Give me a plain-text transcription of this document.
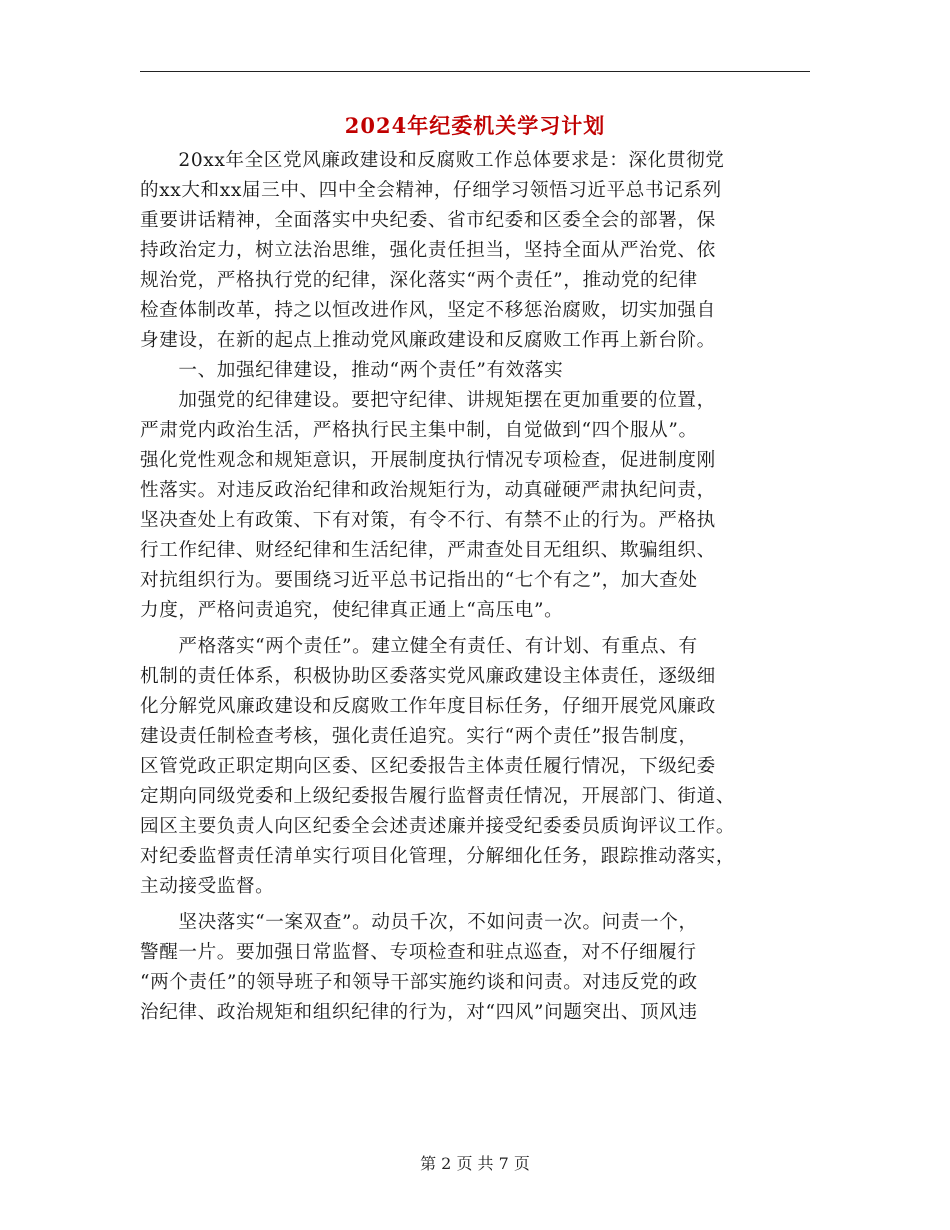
2024年纪委机关学习计划
　　20xx年全区党风廉政建设和反腐败工作总体要求是：深化贯彻党
的xx大和xx届三中、四中全会精神，仔细学习领悟习近平总书记系列
重要讲话精神，全面落实中央纪委、省市纪委和区委全会的部署，保
持政治定力，树立法治思维，强化责任担当，坚持全面从严治党、依
规治党，严格执行党的纪律，深化落实“两个责任”，推动党的纪律
检查体制改革，持之以恒改进作风，坚定不移惩治腐败，切实加强自
身建设，在新的起点上推动党风廉政建设和反腐败工作再上新台阶。
　　一、加强纪律建设，推动“两个责任”有效落实
　　加强党的纪律建设。要把守纪律、讲规矩摆在更加重要的位置，
严肃党内政治生活，严格执行民主集中制，自觉做到“四个服从”。
强化党性观念和规矩意识，开展制度执行情况专项检查，促进制度刚
性落实。对违反政治纪律和政治规矩行为，动真碰硬严肃执纪问责，
坚决查处上有政策、下有对策，有令不行、有禁不止的行为。严格执
行工作纪律、财经纪律和生活纪律，严肃查处目无组织、欺骗组织、
对抗组织行为。要围绕习近平总书记指出的“七个有之”，加大查处
力度，严格问责追究，使纪律真正通上“高压电”。
　　严格落实“两个责任”。建立健全有责任、有计划、有重点、有
机制的责任体系，积极协助区委落实党风廉政建设主体责任，逐级细
化分解党风廉政建设和反腐败工作年度目标任务，仔细开展党风廉政
建设责任制检查考核，强化责任追究。实行“两个责任”报告制度，
区管党政正职定期向区委、区纪委报告主体责任履行情况，下级纪委
定期向同级党委和上级纪委报告履行监督责任情况，开展部门、街道、
园区主要负责人向区纪委全会述责述廉并接受纪委委员质询评议工作。
对纪委监督责任清单实行项目化管理，分解细化任务，跟踪推动落实，
主动接受监督。
　　坚决落实“一案双查”。动员千次，不如问责一次。问责一个，
警醒一片。要加强日常监督、专项检查和驻点巡查，对不仔细履行
“两个责任”的领导班子和领导干部实施约谈和问责。对违反党的政
治纪律、政治规矩和组织纪律的行为，对“四风”问题突出、顶风违
第 2 页 共 7 页
